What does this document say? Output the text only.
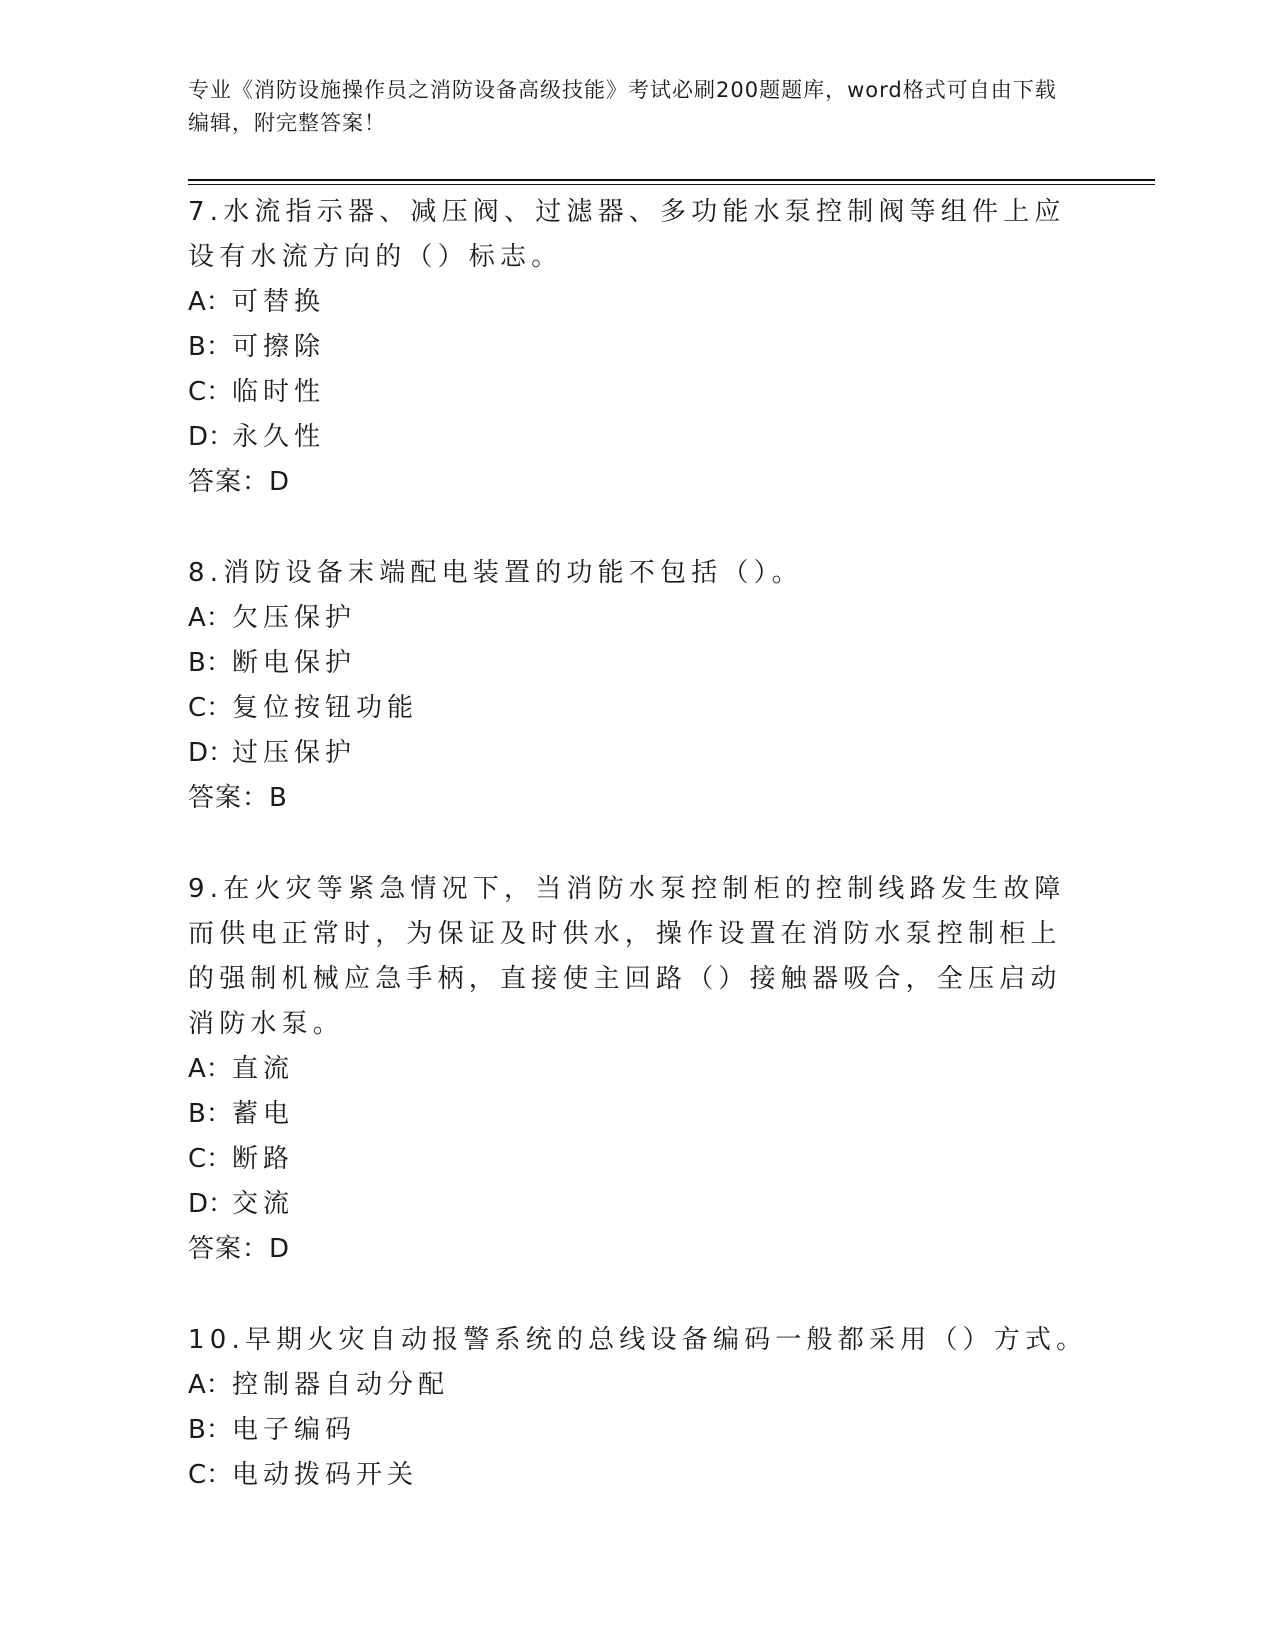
专业《消防设施操作员之消防设备高级技能》考试必刷200题题库，word格式可自由下载编辑，附完整答案！
7.水流指示器、减压阀、过滤器、多功能水泵控制阀等组件上应设有水流方向的（）标志。
A：可替换
B：可擦除
C：临时性
D：永久性
答案：D
8.消防设备末端配电装置的功能不包括（）。
A：欠压保护
B：断电保护
C：复位按钮功能
D：过压保护
答案：B
9.在火灾等紧急情况下，当消防水泵控制柜的控制线路发生故障而供电正常时，为保证及时供水，操作设置在消防水泵控制柜上的强制机械应急手柄，直接使主回路（）接触器吸合，全压启动消防水泵。
A：直流
B：蓄电
C：断路
D：交流
答案：D
10.早期火灾自动报警系统的总线设备编码一般都采用（）方式。
A：控制器自动分配
B：电子编码
C：电动拨码开关
